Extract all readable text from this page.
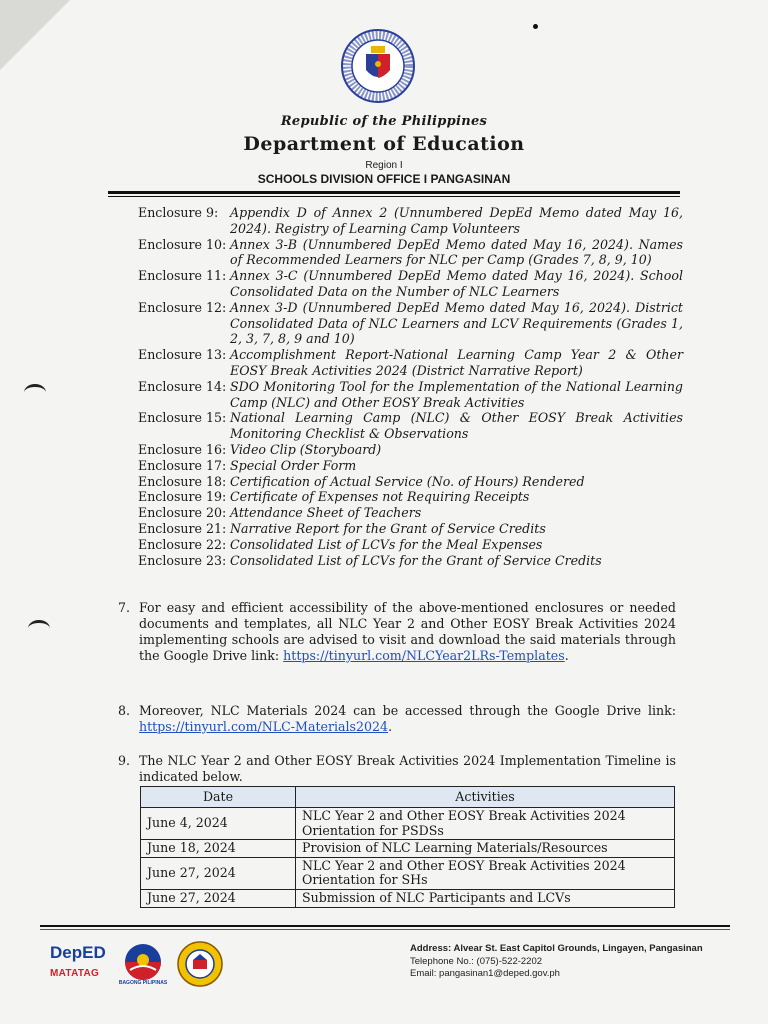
Republic of the Philippines
Department of Education
Region I
SCHOOLS DIVISION OFFICE I PANGASINAN
Enclosure 9: Appendix D of Annex 2 (Unnumbered DepEd Memo dated May 16, 2024). Registry of Learning Camp Volunteers
Enclosure 10: Annex 3-B (Unnumbered DepEd Memo dated May 16, 2024). Names of Recommended Learners for NLC per Camp (Grades 7, 8, 9, 10)
Enclosure 11: Annex 3-C (Unnumbered DepEd Memo dated May 16, 2024). School Consolidated Data on the Number of NLC Learners
Enclosure 12: Annex 3-D (Unnumbered DepEd Memo dated May 16, 2024). District Consolidated Data of NLC Learners and LCV Requirements (Grades 1, 2, 3, 7, 8, 9 and 10)
Enclosure 13: Accomplishment Report-National Learning Camp Year 2 & Other EOSY Break Activities 2024 (District Narrative Report)
Enclosure 14: SDO Monitoring Tool for the Implementation of the National Learning Camp (NLC) and Other EOSY Break Activities
Enclosure 15: National Learning Camp (NLC) & Other EOSY Break Activities Monitoring Checklist & Observations
Enclosure 16: Video Clip (Storyboard)
Enclosure 17: Special Order Form
Enclosure 18: Certification of Actual Service (No. of Hours) Rendered
Enclosure 19: Certificate of Expenses not Requiring Receipts
Enclosure 20: Attendance Sheet of Teachers
Enclosure 21: Narrative Report for the Grant of Service Credits
Enclosure 22: Consolidated List of LCVs for the Meal Expenses
Enclosure 23: Consolidated List of LCVs for the Grant of Service Credits
7. For easy and efficient accessibility of the above-mentioned enclosures or needed documents and templates, all NLC Year 2 and Other EOSY Break Activities 2024 implementing schools are advised to visit and download the said materials through the Google Drive link: https://tinyurl.com/NLCYear2LRs-Templates.
8. Moreover, NLC Materials 2024 can be accessed through the Google Drive link: https://tinyurl.com/NLC-Materials2024.
9. The NLC Year 2 and Other EOSY Break Activities 2024 Implementation Timeline is indicated below.
Date	Activities
June 4, 2024	NLC Year 2 and Other EOSY Break Activities 2024 Orientation for PSDSs
June 18, 2024	Provision of NLC Learning Materials/Resources
June 27, 2024	NLC Year 2 and Other EOSY Break Activities 2024 Orientation for SHs
June 27, 2024	Submission of NLC Participants and LCVs
DepED
MATATAG
BAGONG PILIPINAS
Address: Alvear St. East Capitol Grounds, Lingayen, Pangasinan
Telephone No.: (075)-522-2202
Email: pangasinan1@deped.gov.ph
